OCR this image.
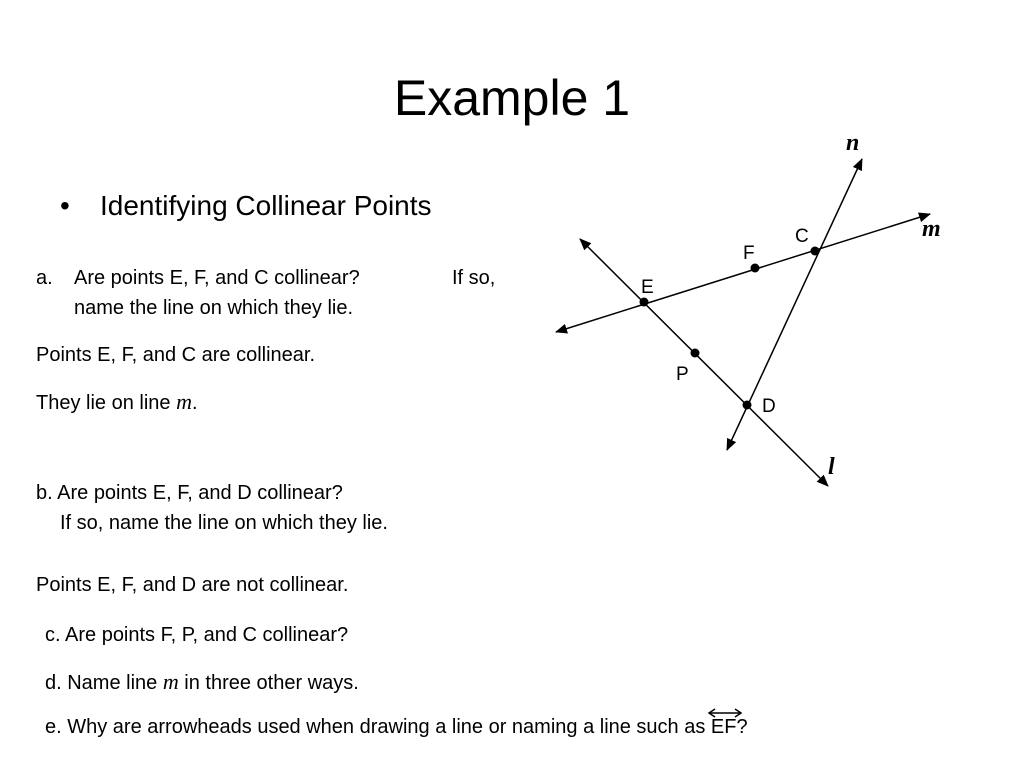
Example 1
• Identifying Collinear Points
a. Are points E, F, and C collinear?	If so,
name the line on which they lie.
Points E, F, and C are collinear.
They lie on line m.
b. Are points E, F, and D collinear?
If so, name the line on which they lie.
Points E, F, and D are not collinear.
c. Are points F, P, and C collinear?
d. Name line m in three other ways.
e. Why are arrowheads used when drawing a line or naming a line such as
EF?
E
F
C
P
D
n
m
l
